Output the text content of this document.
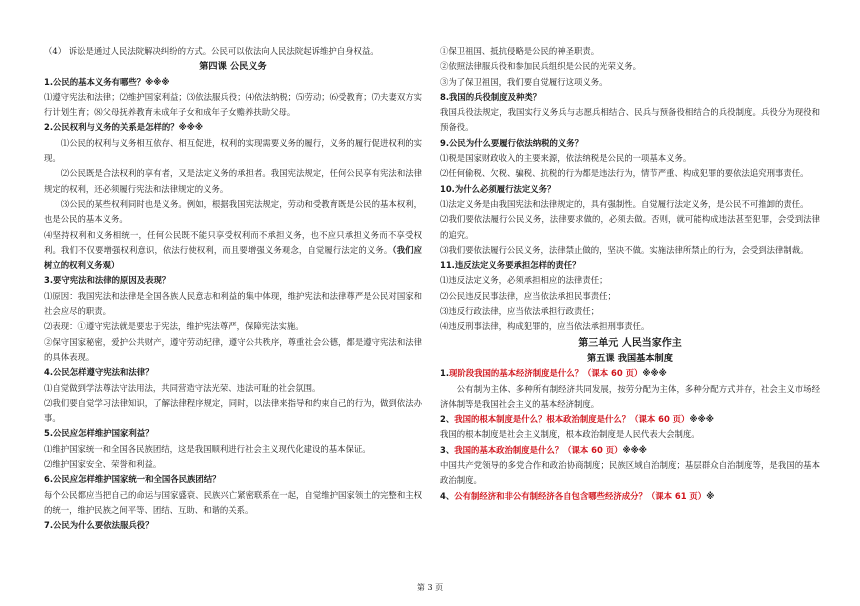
（4） 诉讼是通过人民法院解决纠纷的方式。公民可以依法向人民法院起诉维护自身权益。
第四课 公民义务
1.公民的基本义务有哪些？※※※
⑴遵守宪法和法律；⑵维护国家利益；⑶依法服兵役；⑷依法纳税；⑸劳动；⑹受教育；⑺夫妻双方实行计划生育；⑻父母抚养教育未成年子女和成年子女赡养扶助父母。
2.公民权利与义务的关系是怎样的？※※※
⑴公民的权利与义务相互依存、相互促进，权利的实现需要义务的履行，义务的履行促进权利的实现。
⑵公民既是合法权利的享有者，又是法定义务的承担者。我国宪法规定，任何公民享有宪法和法律规定的权利，还必须履行宪法和法律规定的义务。
⑶公民的某些权利同时也是义务。例如，根据我国宪法规定，劳动和受教育既是公民的基本权利，也是公民的基本义务。
⑷坚持权利和义务相统一，任何公民既不能只享受权利而不承担义务，也不应只承担义务而不享受权利。我们不仅要增强权利意识，依法行使权利，而且要增强义务观念，自觉履行法定的义务。（我们应树立的权利义务观）
3.要守宪法和法律的原因及表现？
⑴原因：我国宪法和法律是全国各族人民意志和利益的集中体现，维护宪法和法律尊严是公民对国家和社会应尽的职责。
⑵表现：①遵守宪法就是要忠于宪法，维护宪法尊严，保障宪法实施。
②保守国家秘密，爱护公共财产，遵守劳动纪律，遵守公共秩序，尊重社会公德，都是遵守宪法和法律的具体表现。
4.公民怎样遵守宪法和法律？
⑴自觉做到学法尊法守法用法，共同营造守法光荣、违法可耻的社会氛围。
⑵我们要自觉学习法律知识，了解法律程序规定，同时，以法律来指导和约束自己的行为，做到依法办事。
5.公民应怎样维护国家利益？
⑴维护国家统一和全国各民族团结，这是我国顺利进行社会主义现代化建设的基本保证。
⑵维护国家安全、荣誉和利益。
6.公民应怎样维护国家统一和全国各民族团结？
每个公民都应当把自己的命运与国家盛衰、民族兴亡紧密联系在一起，自觉维护国家领土的完整和主权的统一，维护民族之间平等、团结、互助、和谐的关系。
7.公民为什么要依法服兵役？
①保卫祖国、抵抗侵略是公民的神圣职责。
②依照法律服兵役和参加民兵组织是公民的光荣义务。
③为了保卫祖国，我们要自觉履行这项义务。
8.我国的兵役制度及种类？
我国兵役法规定，我国实行义务兵与志愿兵相结合、民兵与预备役相结合的兵役制度。兵役分为现役和预备役。
9.公民为什么要履行依法纳税的义务？
⑴税是国家财政收入的主要来源，依法纳税是公民的一项基本义务。
⑵任何偷税、欠税、骗税、抗税的行为都是违法行为，情节严重、构成犯罪的要依法追究刑事责任。
10.为什么必须履行法定义务？
⑴法定义务是由我国宪法和法律规定的，具有强制性。自觉履行法定义务，是公民不可推卸的责任。
⑵我们要依法履行公民义务，法律要求做的，必须去做。否则，就可能构成违法甚至犯罪，会受到法律的追究。
⑶我们要依法履行公民义务，法律禁止做的，坚决不做。实施法律所禁止的行为，会受到法律制裁。
11.违反法定义务要承担怎样的责任？
⑴违反法定义务，必须承担相应的法律责任；
⑵公民违反民事法律，应当依法承担民事责任；
⑶违反行政法律，应当依法承担行政责任；
⑷违反刑事法律，构成犯罪的，应当依法承担刑事责任。
第三单元 人民当家作主
第五课 我国基本制度
1.现阶段我国的基本经济制度是什么？（课本 60 页）※※※
公有制为主体、多种所有制经济共同发展，按劳分配为主体，多种分配方式并存，社会主义市场经济体制等是我国社会主义的基本经济制度。
2、我国的根本制度是什么？根本政治制度是什么？（课本 60 页）※※※
我国的根本制度是社会主义制度，根本政治制度是人民代表大会制度。
3、我国的基本政治制度是什么？（课本 60 页）※※※
中国共产党领导的多党合作和政治协商制度；民族区域自治制度；基层群众自治制度等，是我国的基本政治制度。
4、公有制经济和非公有制经济各自包含哪些经济成分？（课本 61 页）※
第 3 页
